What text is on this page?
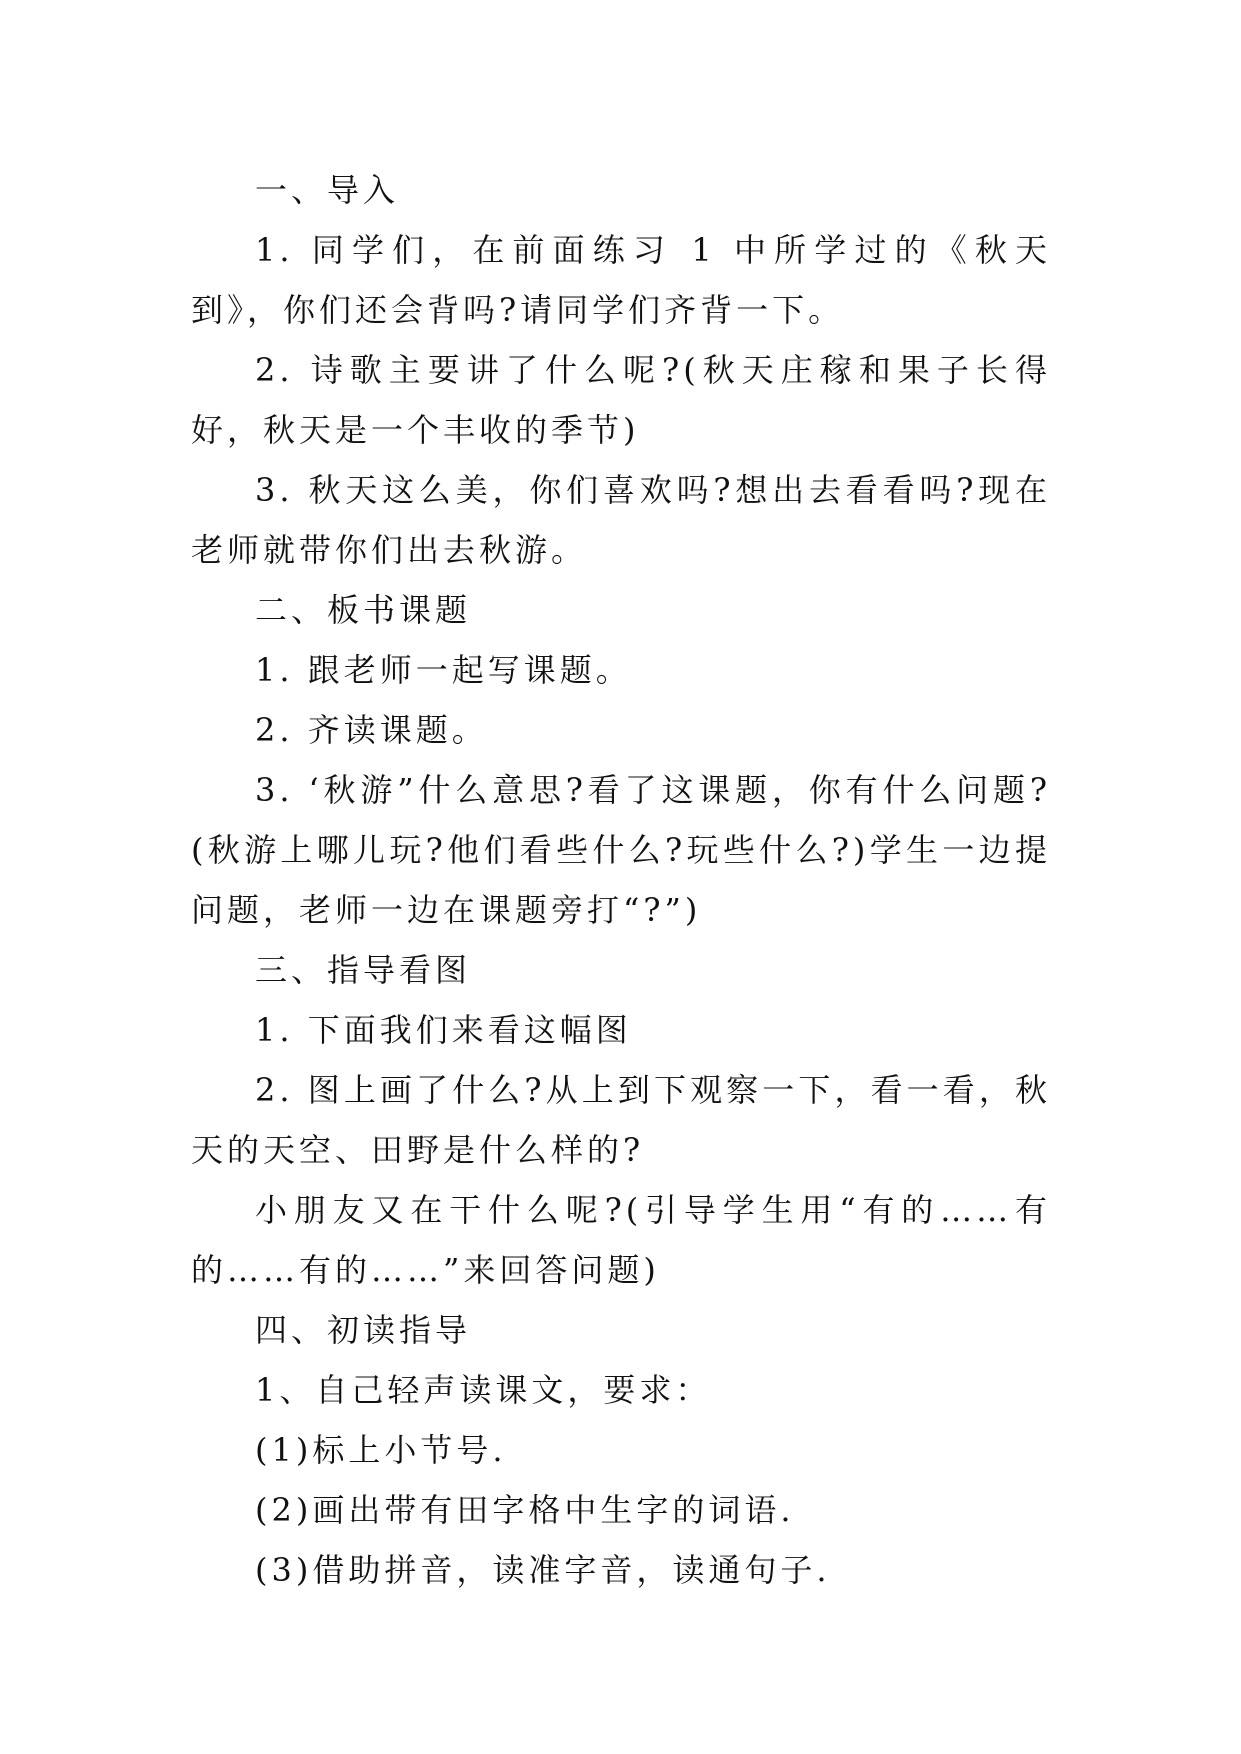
一、导入

1. 同学们，在前面练习 1 中所学过的《秋天到》，你们还会背吗?请同学们齐背一下。

2. 诗歌主要讲了什么呢?(秋天庄稼和果子长得好，秋天是一个丰收的季节)

3. 秋天这么美，你们喜欢吗?想出去看看吗?现在老师就带你们出去秋游。

二、板书课题

1. 跟老师一起写课题。

2. 齐读课题。

3. ‘秋游”什么意思?看了这课题，你有什么问题?(秋游上哪儿玩?他们看些什么?玩些什么?)学生一边提问题，老师一边在课题旁打“?”)

三、指导看图

1. 下面我们来看这幅图

2. 图上画了什么?从上到下观察一下，看一看，秋天的天空、田野是什么样的?

小朋友又在干什么呢?(引导学生用“有的……有的……有的……”来回答问题)

四、初读指导

1、自己轻声读课文，要求：

(1)标上小节号.

(2)画出带有田字格中生字的词语.

(3)借助拼音，读准字音，读通句子.
